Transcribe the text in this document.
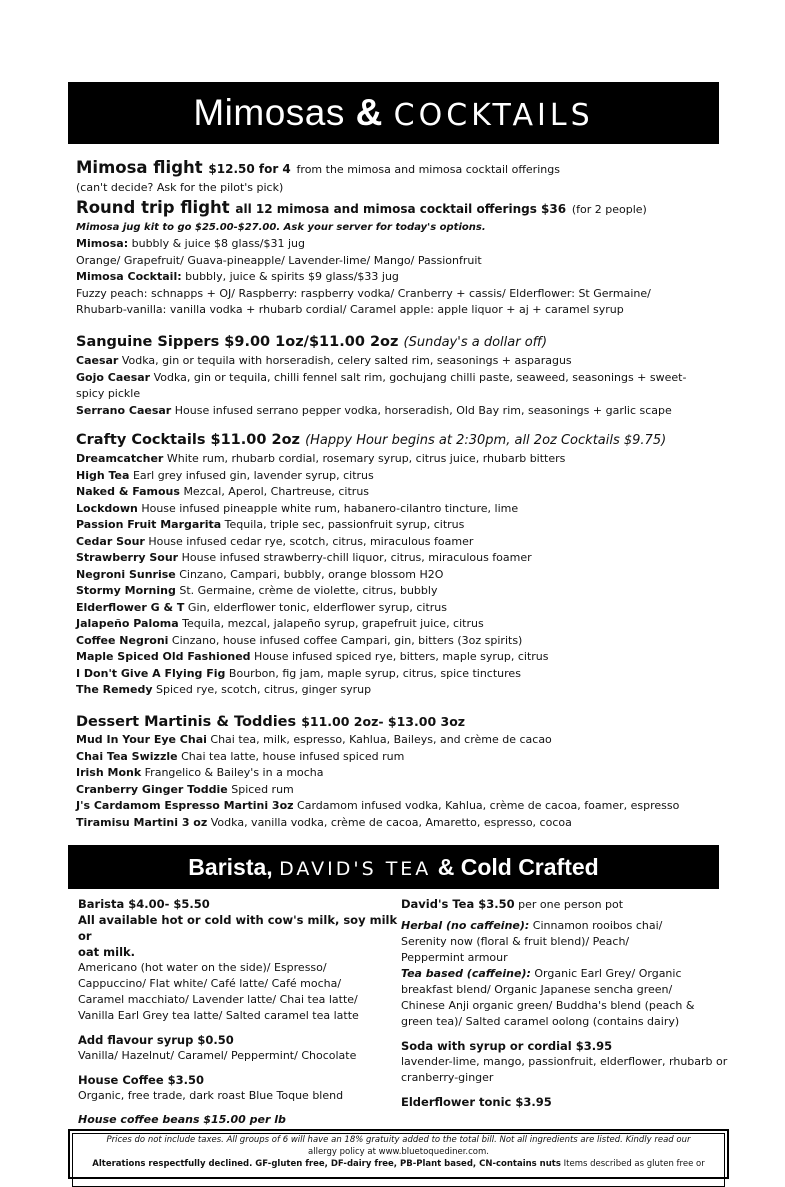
Mimosas & COCKTAILS

Mimosa flight $12.50 for 4 from the mimosa and mimosa cocktail offerings

(can't decide? Ask for the pilot's pick)

Round trip flight all 12 mimosa and mimosa cocktail offerings $36 (for 2 people)

Mimosa jug kit to go $25.00-$27.00. Ask your server for today's options.

Mimosa: bubbly & juice $8 glass/$31 jug

Orange/ Grapefruit/ Guava-pineapple/ Lavender-lime/ Mango/ Passionfruit

Mimosa Cocktail: bubbly, juice & spirits $9 glass/$33 jug

Fuzzy peach: schnapps + OJ/ Raspberry: raspberry vodka/ Cranberry + cassis/ Elderflower: St Germaine/

Rhubarb-vanilla: vanilla vodka + rhubarb cordial/ Caramel apple: apple liquor + aj + caramel syrup

Sanguine Sippers $9.00 1oz/$11.00 2oz (Sunday's a dollar off)

Caesar Vodka, gin or tequila with horseradish, celery salted rim, seasonings + asparagus

Gojo Caesar Vodka, gin or tequila, chilli fennel salt rim, gochujang chilli paste, seaweed, seasonings + sweet-

spicy pickle

Serrano Caesar House infused serrano pepper vodka, horseradish, Old Bay rim, seasonings + garlic scape

Crafty Cocktails $11.00 2oz (Happy Hour begins at 2:30pm, all 2oz Cocktails $9.75)

Dreamcatcher White rum, rhubarb cordial, rosemary syrup, citrus juice, rhubarb bitters

High Tea Earl grey infused gin, lavender syrup, citrus

Naked & Famous Mezcal, Aperol, Chartreuse, citrus

Lockdown House infused pineapple white rum, habanero-cilantro tincture, lime

Passion Fruit Margarita Tequila, triple sec, passionfruit syrup, citrus

Cedar Sour House infused cedar rye, scotch, citrus, miraculous foamer

Strawberry Sour House infused strawberry-chill liquor, citrus, miraculous foamer

Negroni Sunrise Cinzano, Campari, bubbly, orange blossom H2O

Stormy Morning St. Germaine, crème de violette, citrus, bubbly

Elderflower G & T Gin, elderflower tonic, elderflower syrup, citrus

Jalapeño Paloma Tequila, mezcal, jalapeño syrup, grapefruit juice, citrus

Coffee Negroni Cinzano, house infused coffee Campari, gin, bitters (3oz spirits)

Maple Spiced Old Fashioned House infused spiced rye, bitters, maple syrup, citrus

I Don't Give A Flying Fig Bourbon, fig jam, maple syrup, citrus, spice tinctures

The Remedy Spiced rye, scotch, citrus, ginger syrup

Dessert Martinis & Toddies $11.00 2oz- $13.00 3oz

Mud In Your Eye Chai Chai tea, milk, espresso, Kahlua, Baileys, and crème de cacao

Chai Tea Swizzle Chai tea latte, house infused spiced rum

Irish Monk Frangelico & Bailey's in a mocha

Cranberry Ginger Toddie Spiced rum

J's Cardamom Espresso Martini 3oz Cardamom infused vodka, Kahlua, crème de cacoa, foamer, espresso

Tiramisu Martini 3 oz Vodka, vanilla vodka, crème de cacoa, Amaretto, espresso, cocoa

Barista, DAVID'S TEA & Cold Crafted

Barista $4.00- $5.50

All available hot or cold with cow's milk, soy milk or

oat milk.

Americano (hot water on the side)/ Espresso/

Cappuccino/ Flat white/ Café latte/ Café mocha/

Caramel macchiato/ Lavender latte/ Chai tea latte/

Vanilla Earl Grey tea latte/ Salted caramel tea latte

Add flavour syrup $0.50

Vanilla/ Hazelnut/ Caramel/ Peppermint/ Chocolate

House Coffee $3.50

Organic, free trade, dark roast Blue Toque blend

House coffee beans $15.00 per lb

David's Tea $3.50 per one person pot

Herbal (no caffeine): Cinnamon rooibos chai/

Serenity now (floral & fruit blend)/ Peach/

Peppermint armour

Tea based (caffeine): Organic Earl Grey/ Organic

breakfast blend/ Organic Japanese sencha green/

Chinese Anji organic green/ Buddha's blend (peach &

green tea)/ Salted caramel oolong (contains dairy)

Soda with syrup or cordial $3.95

lavender-lime, mango, passionfruit, elderflower, rhubarb or

cranberry-ginger

Elderflower tonic $3.95

Prices do not include taxes. All groups of 6 will have an 18% gratuity added to the total bill. Not all ingredients are listed. Kindly read our

allergy policy at www.bluetoquediner.com.

Alterations respectfully declined. GF-gluten free, DF-dairy free, PB-Plant based, CN-contains nuts Items described as gluten free or
